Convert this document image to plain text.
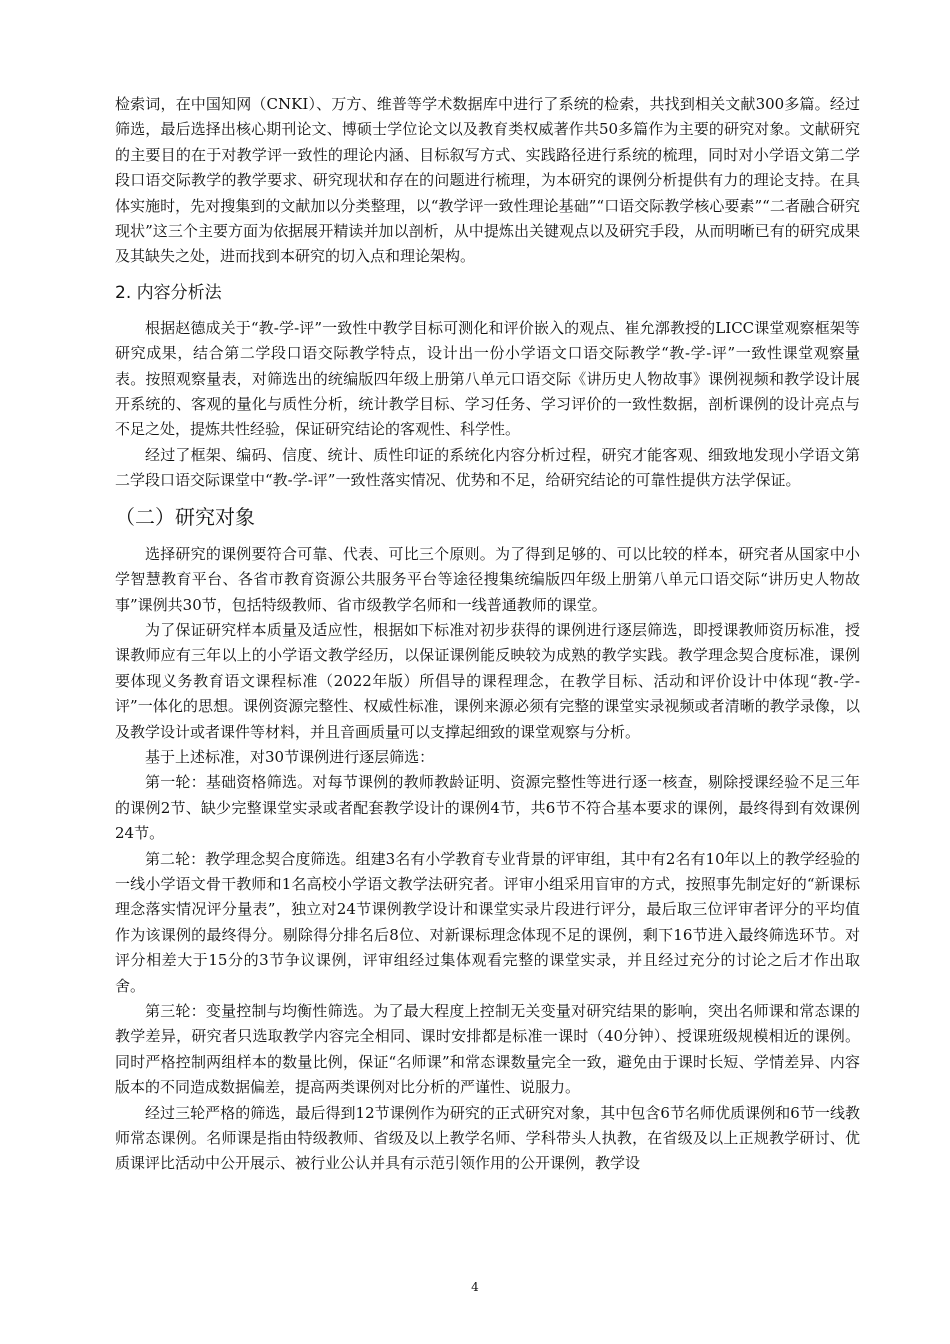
检索词，在中国知网（CNKI）、万方、维普等学术数据库中进行了系统的检索，共找到相关文献300多篇。经过筛选，最后选择出核心期刊论文、博硕士学位论文以及教育类权威著作共50多篇作为主要的研究对象。文献研究的主要目的在于对教学评一致性的理论内涵、目标叙写方式、实践路径进行系统的梳理，同时对小学语文第二学段口语交际教学的教学要求、研究现状和存在的问题进行梳理，为本研究的课例分析提供有力的理论支持。在具体实施时，先对搜集到的文献加以分类整理，以“教学评一致性理论基础”“口语交际教学核心要素”“二者融合研究现状”这三个主要方面为依据展开精读并加以剖析，从中提炼出关键观点以及研究手段，从而明晰已有的研究成果及其缺失之处，进而找到本研究的切入点和理论架构。

2. 内容分析法

根据赵德成关于“教-学-评”一致性中教学目标可测化和评价嵌入的观点、崔允漷教授的LICC课堂观察框架等研究成果，结合第二学段口语交际教学特点，设计出一份小学语文口语交际教学“教-学-评”一致性课堂观察量表。按照观察量表，对筛选出的统编版四年级上册第八单元口语交际《讲历史人物故事》课例视频和教学设计展开系统的、客观的量化与质性分析，统计教学目标、学习任务、学习评价的一致性数据，剖析课例的设计亮点与不足之处，提炼共性经验，保证研究结论的客观性、科学性。

经过了框架、编码、信度、统计、质性印证的系统化内容分析过程，研究才能客观、细致地发现小学语文第二学段口语交际课堂中“教-学-评”一致性落实情况、优势和不足，给研究结论的可靠性提供方法学保证。

（二）研究对象

选择研究的课例要符合可靠、代表、可比三个原则。为了得到足够的、可以比较的样本，研究者从国家中小学智慧教育平台、各省市教育资源公共服务平台等途径搜集统编版四年级上册第八单元口语交际“讲历史人物故事”课例共30节，包括特级教师、省市级教学名师和一线普通教师的课堂。

为了保证研究样本质量及适应性，根据如下标准对初步获得的课例进行逐层筛选，即授课教师资历标准，授课教师应有三年以上的小学语文教学经历，以保证课例能反映较为成熟的教学实践。教学理念契合度标准，课例要体现义务教育语文课程标准（2022年版）所倡导的课程理念，在教学目标、活动和评价设计中体现“教-学-评”一体化的思想。课例资源完整性、权威性标准，课例来源必须有完整的课堂实录视频或者清晰的教学录像，以及教学设计或者课件等材料，并且音画质量可以支撑起细致的课堂观察与分析。

基于上述标准，对30节课例进行逐层筛选：

第一轮：基础资格筛选。对每节课例的教师教龄证明、资源完整性等进行逐一核查，剔除授课经验不足三年的课例2节、缺少完整课堂实录或者配套教学设计的课例4节，共6节不符合基本要求的课例，最终得到有效课例24节。

第二轮：教学理念契合度筛选。组建3名有小学教育专业背景的评审组，其中有2名有10年以上的教学经验的一线小学语文骨干教师和1名高校小学语文教学法研究者。评审小组采用盲审的方式，按照事先制定好的“新课标理念落实情况评分量表”，独立对24节课例教学设计和课堂实录片段进行评分，最后取三位评审者评分的平均值作为该课例的最终得分。剔除得分排名后8位、对新课标理念体现不足的课例，剩下16节进入最终筛选环节。对评分相差大于15分的3节争议课例，评审组经过集体观看完整的课堂实录，并且经过充分的讨论之后才作出取舍。

第三轮：变量控制与均衡性筛选。为了最大程度上控制无关变量对研究结果的影响，突出名师课和常态课的教学差异，研究者只选取教学内容完全相同、课时安排都是标准一课时（40分钟）、授课班级规模相近的课例。同时严格控制两组样本的数量比例，保证“名师课”和常态课数量完全一致，避免由于课时长短、学情差异、内容版本的不同造成数据偏差，提高两类课例对比分析的严谨性、说服力。

经过三轮严格的筛选，最后得到12节课例作为研究的正式研究对象，其中包含6节名师优质课例和6节一线教师常态课例。名师课是指由特级教师、省级及以上教学名师、学科带头人执教，在省级及以上正规教学研讨、优质课评比活动中公开展示、被行业公认并具有示范引领作用的公开课例，教学设

4
